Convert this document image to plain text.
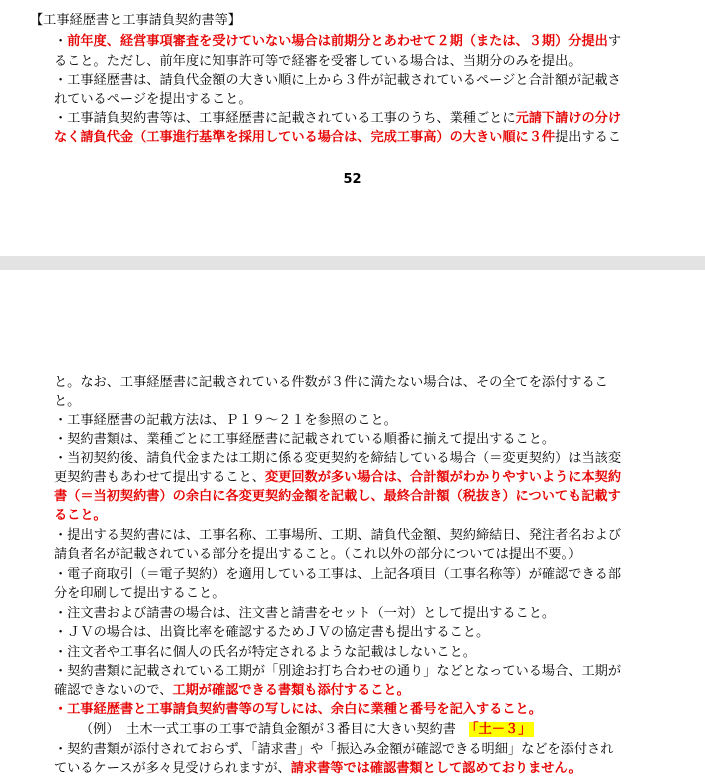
【工事経歴書と工事請負契約書等】
・前年度、経営事項審査を受けていない場合は前期分とあわせて２期（または、３期）分提出す
ること。ただし、前年度に知事許可等で経審を受審している場合は、当期分のみを提出。
・工事経歴書は、請負代金額の大きい順に上から３件が記載されているページと合計額が記載さ
れているページを提出すること。
・工事請負契約書等は、工事経歴書に記載されている工事のうち、業種ごとに元請下請けの分け
なく請負代金（工事進行基準を採用している場合は、完成工事高）の大きい順に３件提出するこ
52
と。なお、工事経歴書に記載されている件数が３件に満たない場合は、その全てを添付するこ
と。
・工事経歴書の記載方法は、Ｐ１９～２１を参照のこと。
・契約書類は、業種ごとに工事経歴書に記載されている順番に揃えて提出すること。
・当初契約後、請負代金または工期に係る変更契約を締結している場合（＝変更契約）は当該変
更契約書もあわせて提出すること、変更回数が多い場合は、合計額がわかりやすいように本契約
書（＝当初契約書）の余白に各変更契約金額を記載し、最終合計額（税抜き）についても記載す
ること。
・提出する契約書には、工事名称、工事場所、工期、請負代金額、契約締結日、発注者名および
請負者名が記載されている部分を提出すること。（これ以外の部分については提出不要。）
・電子商取引（＝電子契約）を適用している工事は、上記各項目（工事名称等）が確認できる部
分を印刷して提出すること。
・注文書および請書の場合は、注文書と請書をセット（一対）として提出すること。
・ＪＶの場合は、出資比率を確認するためＪＶの協定書も提出すること。
・注文者や工事名に個人の氏名が特定されるような記載はしないこと。
・契約書類に記載されている工期が「別途お打ち合わせの通り」などとなっている場合、工期が
確認できないので、工期が確認できる書類も添付すること。
・工事経歴書と工事請負契約書等の写しには、余白に業種と番号を記入すること。
（例）　土木一式工事の工事で請負金額が３番目に大きい契約書　 「土－３」
・契約書類が添付されておらず、「請求書」や「振込み金額が確認できる明細」などを添付され
ているケースが多々見受けられますが、請求書等では確認書類として認めておりません。
